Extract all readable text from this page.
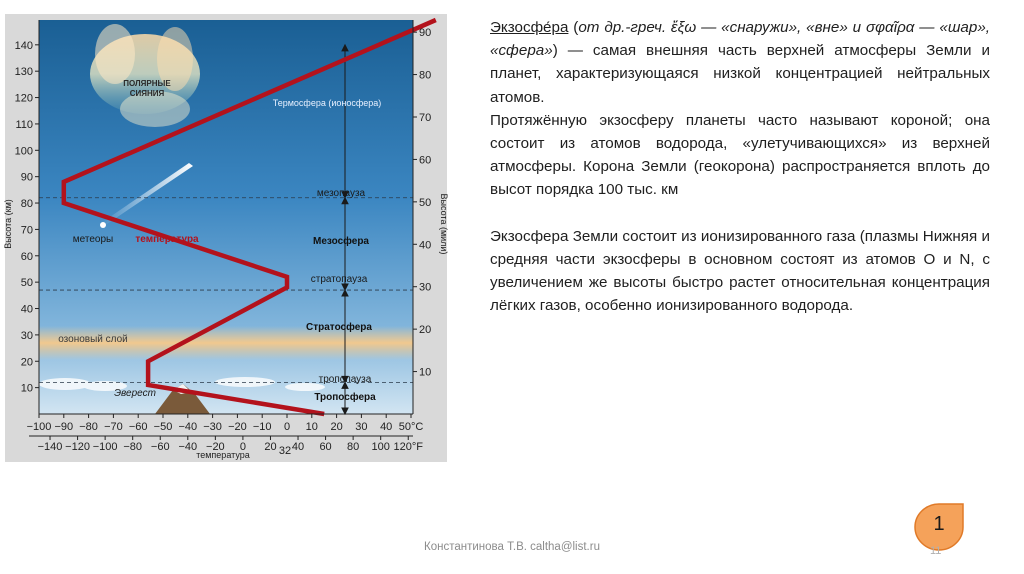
140
130
120
110
100
90
80
70
60
50
40
30
20
10
90
80
70
60
50
40
30
20
10
−100 −90 −80 −70 −60 −50 −40 −30 −20 −10 0 10 20 30 40 50°C
−140 −120 −100 −80 −60 −40 −20 0 20 40 60 80 100 120°F
ПОЛЯРНЫЕ СИЯНИЯ
Термосфера (ионосфера)
мезопауза
Мезосфера
метеоры температура
стратопауза
Стратосфера
озоновый слой
тропопауза
Тропосфера
Эверест
Высота (км)	Высота (мили)
температура	32

Экзосфе́ра (от др.-греч. ἔξω — «снаружи», «вне» и σφαῖρα — «шар», «сфера») — самая внешняя часть верхней атмосферы Земли и планет, характеризующаяся низкой концентрацией нейтральных атомов.

Протяжённую экзосферу планеты часто называют короной; она состоит из атомов водорода, «улетучивающихся» из верхней атмосферы. Корона Земли (геокорона) распространяется вплоть до высот порядка 100 тыс. км

Экзосфера Земли состоит из ионизированного газа (плазмы Нижняя и средняя части экзосферы в основном состоят из атомов O и N, с увеличением же высоты быстро растет относительная концентрация лёгких газов, особенно ионизированного водорода.

1
Константинова Т.В. caltha@list.ru	11
